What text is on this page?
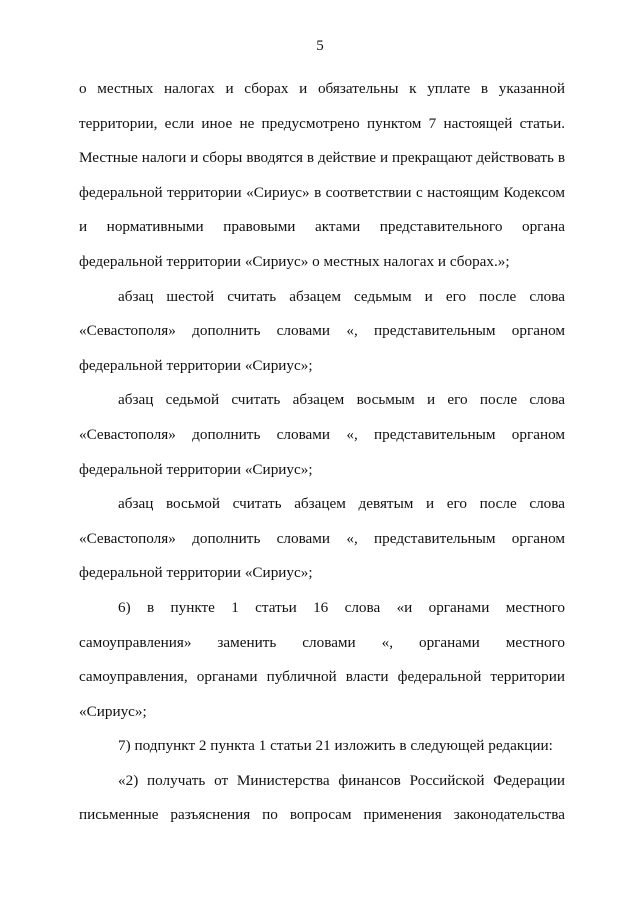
5

о местных налогах и сборах и обязательны к уплате в указанной территории, если иное не предусмотрено пунктом 7 настоящей статьи. Местные налоги и сборы вводятся в действие и прекращают действовать в федеральной территории «Сириус» в соответствии с настоящим Кодексом и нормативными правовыми актами представительного органа федеральной территории «Сириус» о местных налогах и сборах.»;

абзац шестой считать абзацем седьмым и его после слова «Севастополя» дополнить словами «, представительным органом федеральной территории «Сириус»;

абзац седьмой считать абзацем восьмым и его после слова «Севастополя» дополнить словами «, представительным органом федеральной территории «Сириус»;

абзац восьмой считать абзацем девятым и его после слова «Севастополя» дополнить словами «, представительным органом федеральной территории «Сириус»;

6) в пункте 1 статьи 16 слова «и органами местного самоуправления» заменить словами «, органами местного самоуправления, органами публичной власти федеральной территории «Сириус»;

7) подпункт 2 пункта 1 статьи 21 изложить в следующей редакции:

«2) получать от Министерства финансов Российской Федерации письменные разъяснения по вопросам применения законодательства
